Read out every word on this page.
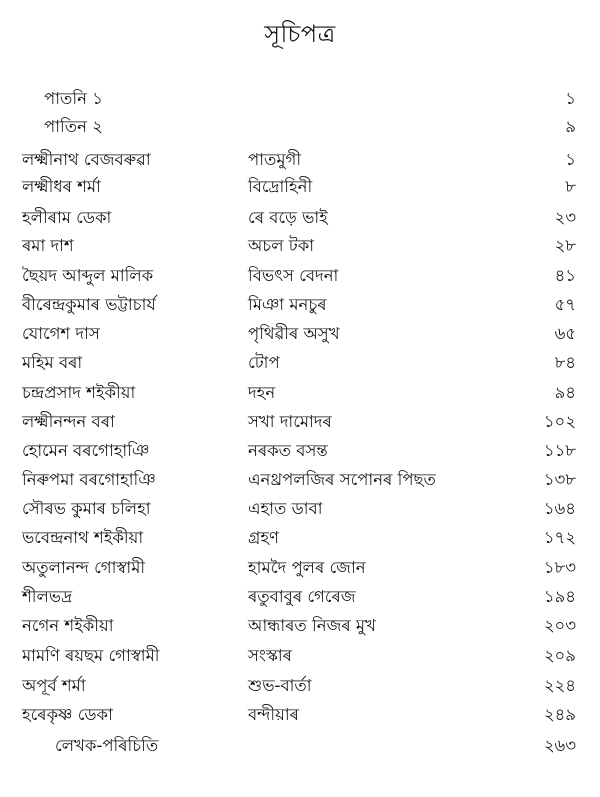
সূচিপত্ৰ
পাতনি ১	১
পাতিন ২	৯
লক্ষ্মীনাথ বেজবৰুৱা	পাতমুগী	১
লক্ষ্মীধৰ শৰ্মা	বিদ্ৰোহিনী	৮
হলীৰাম ডেকা	ৰে বড়ে ভাই	২৩
ৰমা দাশ	অচল টকা	২৮
ছৈয়দ আব্দুল মালিক	বিভৎস বেদনা	৪১
বীৰেন্দ্ৰকুমাৰ ভট্টাচাৰ্য	মিঞা মনচুৰ	৫৭
যোগেশ দাস	পৃথিৱীৰ অসুখ	৬৫
মহিম বৰা	টোপ	৮৪
চন্দ্ৰপ্ৰসাদ শইকীয়া	দহন	৯৪
লক্ষ্মীনন্দন বৰা	সখা দামোদৰ	১০২
হোমেন বৰগোহাঞি	নৰকত বসন্ত	১১৮
নিৰুপমা বৰগোহাঞি	এনথ্ৰপলজিৰ সপোনৰ পিছত	১৩৮
সৌৰভ কুমাৰ চলিহা	এহাত ডাবা	১৬৪
ভবেন্দ্ৰনাথ শইকীয়া	গ্ৰহণ	১৭২
অতুলানন্দ গোস্বামী	হামদৈ পুলৰ জোন	১৮৩
শীলভদ্ৰ	ৰতুবাবুৰ গেৰেজ	১৯৪
নগেন শইকীয়া	আন্ধাৰত নিজৰ মুখ	২০৩
মামণি ৰয়ছম গোস্বামী	সংস্কাৰ	২০৯
অপূৰ্ব শৰ্মা	শুভ-বাৰ্তা	২২৪
হৰেকৃষ্ণ ডেকা	বন্দীয়াৰ	২৪৯
লেখক-পৰিচিতি	২৬৩
